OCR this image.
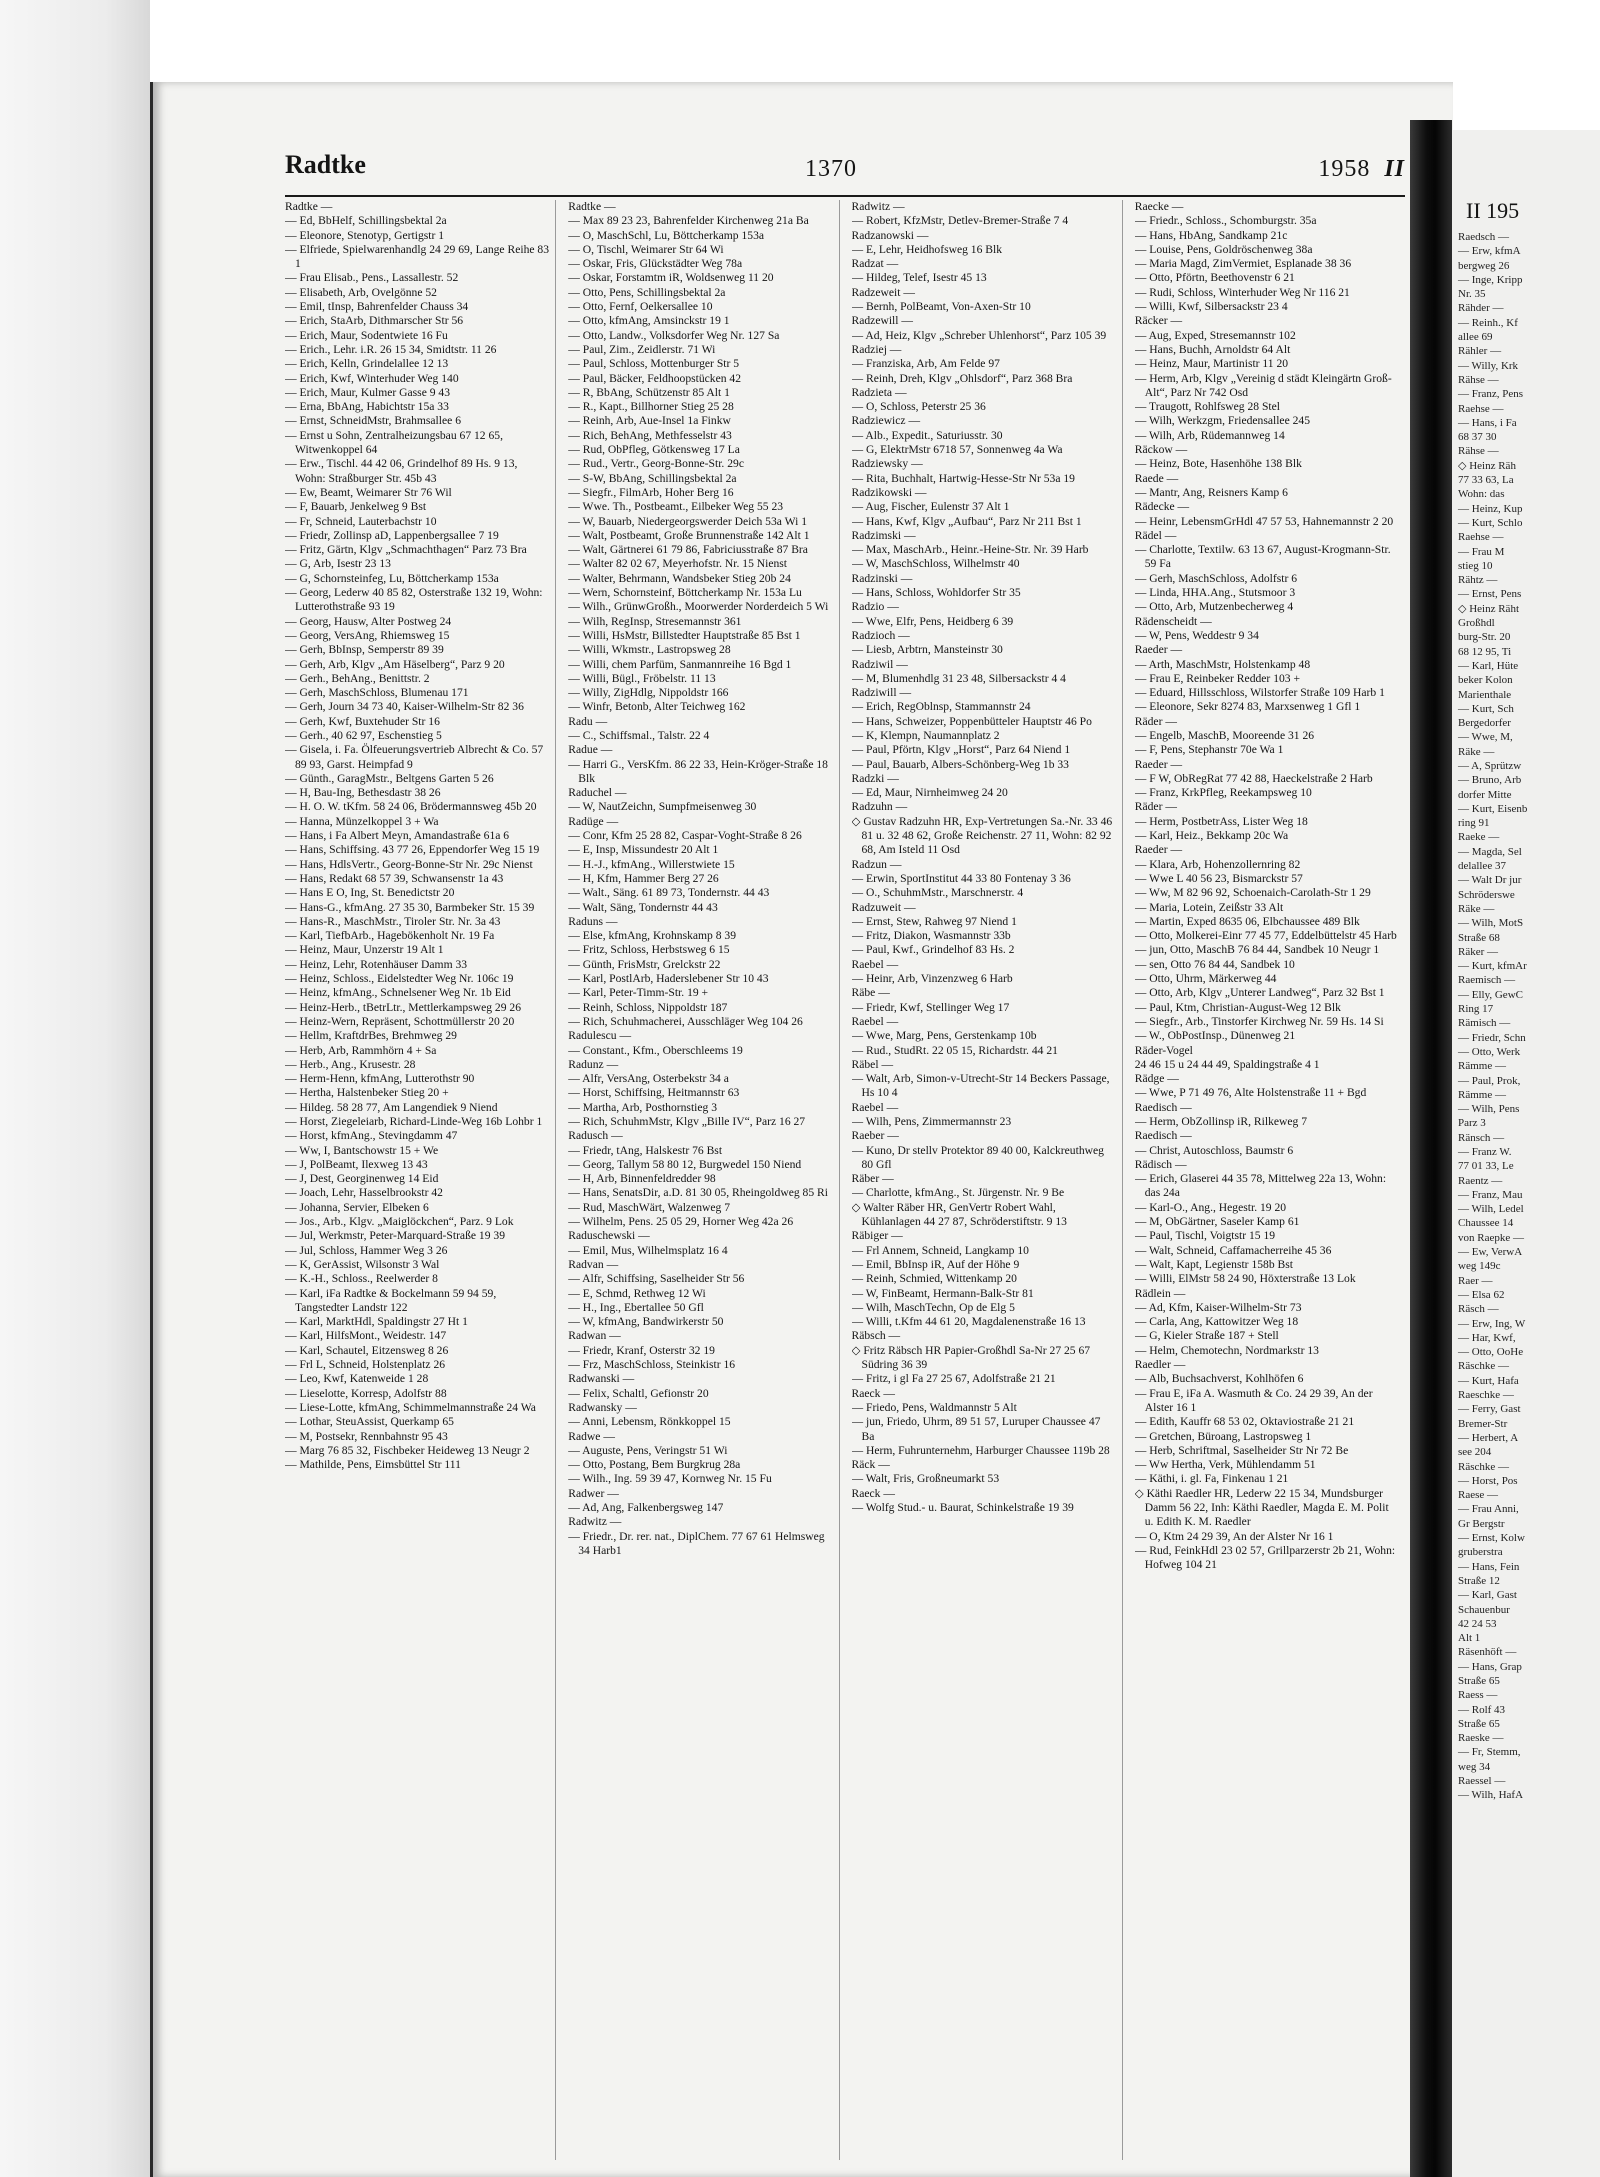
II 195
Raedsch —
— Erw, kfmA
bergweg 26
— Inge, Kripp
Nr. 35
Rähder —
— Reinh., Kf
allee 69
Rähler —
— Willy, Krk
Rähse —
— Franz, Pens
Raehse —
— Hans, i Fa
68 37 30
Rähse —
◇ Heinz Räh
77 33 63, La
Wohn: das
— Heinz, Kup
— Kurt, Schlo
Raehse —
— Frau M
stieg 10
Rähtz —
— Ernst, Pens
◇ Heinz Räht
Großhdl
burg-Str. 20
68 12 95, Ti
— Karl, Hüte
beker Kolon
Marienthale
— Kurt, Sch
Bergedorfer
— Wwe, M,
Räke —
— A, Sprützw
— Bruno, Arb
dorfer Mitte
— Kurt, Eisenb
ring 91
Raeke —
— Magda, Sel
delallee 37
— Walt Dr jur
Schröderswe
Räke —
— Wilh, MotS
Straße 68
Räker —
— Kurt, kfmAr
Raemisch —
— Elly, GewC
Ring 17
Rämisch —
— Friedr, Schn
— Otto, Werk
Rämme —
— Paul, Prok,
Rämme —
— Wilh, Pens
Parz 3
Ränsch —
— Franz W.
77 01 33, Le
Raentz —
— Franz, Mau
— Wilh, Ledel
Chaussee 14
von Raepke —
— Ew, VerwA
weg 149c
Raer —
— Elsa 62
Räsch —
— Erw, Ing, W
— Har, Kwf,
— Otto, OoHe
Räschke —
— Kurt, Hafa
Raeschke —
— Ferry, Gast
Bremer-Str
— Herbert, A
see 204
Räschke —
— Horst, Pos
Raese —
— Frau Anni,
Gr Bergstr
— Ernst, Kolw
gruberstra
— Hans, Fein
Straße 12
— Karl, Gast
Schauenbur
42 24 53
Alt 1
Räsenhöft —
— Hans, Grap
Straße 65
Raess —
— Rolf 43
Straße 65
Raeske —
— Fr, Stemm,
weg 34
Raessel —
— Wilh, HafA
Radtke	1370	1958 II
Radtke —
— Ed, BbHelf, Schillingsbektal 2a
— Eleonore, Stenotyp, Gertigstr 1
— Elfriede, Spielwarenhandlg 24 29 69, Lange Reihe 83 1
— Frau Elisab., Pens., Lassallestr. 52
— Elisabeth, Arb, Ovelgönne 52
— Emil, tInsp, Bahrenfelder Chauss 34
— Erich, StaArb, Dithmarscher Str 56
— Erich, Maur, Sodentwiete 16 Fu
— Erich., Lehr. i.R. 26 15 34, Smidtstr. 11 26
— Erich, Kelln, Grindelallee 12 13
— Erich, Kwf, Winterhuder Weg 140
— Erich, Maur, Kulmer Gasse 9 43
— Erna, BbAng, Habichtstr 15a 33
— Ernst, SchneidMstr, Brahmsallee 6
— Ernst u Sohn, Zentralheizungsbau 67 12 65, Witwenkoppel 64
— Erw., Tischl. 44 42 06, Grindelhof 89 Hs. 9 13, Wohn: Straßburger Str. 45b 43
— Ew, Beamt, Weimarer Str 76 Wil
— F, Bauarb, Jenkelweg 9 Bst
— Fr, Schneid, Lauterbachstr 10
— Friedr, Zollinsp aD, Lappenbergsallee 7 19
— Fritz, Gärtn, Klgv „Schmachthagen“ Parz 73 Bra
— G, Arb, Isestr 23 13
— G, Schornsteinfeg, Lu, Böttcherkamp 153a
— Georg, Lederw 40 85 82, Osterstraße 132 19, Wohn: Lutterothstraße 93 19
— Georg, Hausw, Alter Postweg 24
— Georg, VersAng, Rhiemsweg 15
— Gerh, BbInsp, Semperstr 89 39
— Gerh, Arb, Klgv „Am Häselberg“, Parz 9 20
— Gerh., BehAng., Benittstr. 2
— Gerh, MaschSchloss, Blumenau 171
— Gerh, Journ 34 73 40, Kaiser-Wilhelm-Str 82 36
— Gerh, Kwf, Buxtehuder Str 16
— Gerh., 40 62 97, Eschenstieg 5
— Gisela, i. Fa. Ölfeuerungsvertrieb Albrecht & Co. 57 89 93, Garst. Heimpfad 9
— Günth., GaragMstr., Beltgens Garten 5 26
— H, Bau-Ing, Bethesdastr 38 26
— H. O. W. tKfm. 58 24 06, Brödermannsweg 45b 20
— Hanna, Münzelkoppel 3 + Wa
— Hans, i Fa Albert Meyn, Amandastraße 61a 6
— Hans, Schiffsing. 43 77 26, Eppendorfer Weg 15 19
— Hans, HdlsVertr., Georg-Bonne-Str Nr. 29c Nienst
— Hans, Redakt 68 57 39, Schwansenstr 1a 43
— Hans E O, Ing, St. Benedictstr 20
— Hans-G., kfmAng. 27 35 30, Barmbeker Str. 15 39
— Hans-R., MaschMstr., Tiroler Str. Nr. 3a 43
— Karl, TiefbArb., Hagebökenholt Nr. 19 Fa
— Heinz, Maur, Unzerstr 19 Alt 1
— Heinz, Lehr, Rotenhäuser Damm 33
— Heinz, Schloss., Eidelstedter Weg Nr. 106c 19
— Heinz, kfmAng., Schnelsener Weg Nr. 1b Eid
— Heinz-Herb., tBetrLtr., Mettlerkampsweg 29 26
— Heinz-Wern, Repräsent, Schottmüllerstr 20 20
— Hellm, KraftdrBes, Brehmweg 29
— Herb, Arb, Rammhörn 4 + Sa
— Herb., Ang., Krusestr. 28
— Herm-Henn, kfmAng, Lutterothstr 90
— Hertha, Halstenbeker Stieg 20 +
— Hildeg. 58 28 77, Am Langendiek 9 Niend
— Horst, Ziegeleiarb, Richard-Linde-Weg 16b Lohbr 1
— Horst, kfmAng., Stevingdamm 47
— Ww, I, Bantschowstr 15 + We
— J, PolBeamt, Ilexweg 13 43
— J, Dest, Georginenweg 14 Eid
— Joach, Lehr, Hasselbrookstr 42
— Johanna, Servier, Elbeken 6
— Jos., Arb., Klgv. „Maiglöckchen“, Parz. 9 Lok
— Jul, Werkmstr, Peter-Marquard-Straße 19 39
— Jul, Schloss, Hammer Weg 3 26
— K, GerAssist, Wilsonstr 3 Wal
— K.-H., Schloss., Reelwerder 8
— Karl, iFa Radtke & Bockelmann 59 94 59, Tangstedter Landstr 122
— Karl, MarktHdl, Spaldingstr 27 Ht 1
— Karl, HilfsMont., Weidestr. 147
— Karl, Schautel, Eitzensweg 8 26
— Frl L, Schneid, Holstenplatz 26
— Leo, Kwf, Katenweide 1 28
— Lieselotte, Korresp, Adolfstr 88
— Liese-Lotte, kfmAng, Schimmelmannstraße 24 Wa
— Lothar, SteuAssist, Querkamp 65
— M, Postsekr, Rennbahnstr 95 43
— Marg 76 85 32, Fischbeker Heideweg 13 Neugr 2
— Mathilde, Pens, Eimsbüttel Str 111
Radtke —
— Max 89 23 23, Bahrenfelder Kirchenweg 21a Ba
— O, MaschSchl, Lu, Böttcherkamp 153a
— O, Tischl, Weimarer Str 64 Wi
— Oskar, Fris, Glückstädter Weg 78a
— Oskar, Forstamtm iR, Woldsenweg 11 20
— Otto, Pens, Schillingsbektal 2a
— Otto, Fernf, Oelkersallee 10
— Otto, kfmAng, Amsinckstr 19 1
— Otto, Landw., Volksdorfer Weg Nr. 127 Sa
— Paul, Zim., Zeidlerstr. 71 Wi
— Paul, Schloss, Mottenburger Str 5
— Paul, Bäcker, Feldhoopstücken 42
— R, BbAng, Schützenstr 85 Alt 1
— R., Kapt., Billhorner Stieg 25 28
— Reinh, Arb, Aue-Insel 1a Finkw
— Rich, BehAng, Methfesselstr 43
— Rud, ObPfleg, Götkensweg 17 La
— Rud., Vertr., Georg-Bonne-Str. 29c
— S-W, BbAng, Schillingsbektal 2a
— Siegfr., FilmArb, Hoher Berg 16
— Wwe. Th., Postbeamt., Eilbeker Weg 55 23
— W, Bauarb, Niedergeorgswerder Deich 53a Wi 1
— Walt, Postbeamt, Große Brunnenstraße 142 Alt 1
— Walt, Gärtnerei 61 79 86, Fabriciusstraße 87 Bra
— Walter 82 02 67, Meyerhofstr. Nr. 15 Nienst
— Walter, Behrmann, Wandsbeker Stieg 20b 24
— Wern, Schornsteinf, Böttcherkamp Nr. 153a Lu
— Wilh., GrünwGroßh., Moorwerder Norderdeich 5 Wi
— Wilh, RegInsp, Stresemannstr 361
— Willi, HsMstr, Billstedter Hauptstraße 85 Bst 1
— Willi, Wkmstr., Lastropsweg 28
— Willi, chem Parfüm, Sanmannreihe 16 Bgd 1
— Willi, Bügl., Fröbelstr. 11 13
— Willy, ZigHdlg, Nippoldstr 166
— Winfr, Betonb, Alter Teichweg 162
Radu —
— C., Schiffsmal., Talstr. 22 4
Radue —
— Harri G., VersKfm. 86 22 33, Hein-Kröger-Straße 18 Blk
Raduchel —
— W, NautZeichn, Sumpfmeisenweg 30
Radüge —
— Conr, Kfm 25 28 82, Caspar-Voght-Straße 8 26
— E, Insp, Missundestr 20 Alt 1
— H.-J., kfmAng., Willerstwiete 15
— H, Kfm, Hammer Berg 27 26
— Walt., Säng. 61 89 73, Tondernstr. 44 43
— Walt, Säng, Tondernstr 44 43
Raduns —
— Else, kfmAng, Krohnskamp 8 39
— Fritz, Schloss, Herbstsweg 6 15
— Günth, FrisMstr, Grelckstr 22
— Karl, PostlArb, Haderslebener Str 10 43
— Karl, Peter-Timm-Str. 19 +
— Reinh, Schloss, Nippoldstr 187
— Rich, Schuhmacherei, Ausschläger Weg 104 26
Radulescu —
— Constant., Kfm., Oberschleems 19
Radunz —
— Alfr, VersAng, Osterbekstr 34 a
— Horst, Schiffsing, Heitmannstr 63
— Martha, Arb, Posthornstieg 3
— Rich, SchuhmMstr, Klgv „Bille IV“, Parz 16 27
Radusch —
— Friedr, tAng, Halskestr 76 Bst
— Georg, Tallym 58 80 12, Burgwedel 150 Niend
— H, Arb, Binnenfeldredder 98
— Hans, SenatsDir, a.D. 81 30 05, Rheingoldweg 85 Ri
— Rud, MaschWärt, Walzenweg 7
— Wilhelm, Pens. 25 05 29, Horner Weg 42a 26
Raduschewski —
— Emil, Mus, Wilhelmsplatz 16 4
Radvan —
— Alfr, Schiffsing, Saselheider Str 56
— E, Schmd, Rethweg 12 Wi
— H., Ing., Ebertallee 50 Gfl
— W, kfmAng, Bandwirkerstr 50
Radwan —
— Friedr, Kranf, Osterstr 32 19
— Frz, MaschSchloss, Steinkistr 16
Radwanski —
— Felix, Schaltl, Gefionstr 20
Radwansky —
— Anni, Lebensm, Rönkkoppel 15
Radwe —
— Auguste, Pens, Veringstr 51 Wi
— Otto, Postang, Bem Burgkrug 28a
— Wilh., Ing. 59 39 47, Kornweg Nr. 15 Fu
Radwer —
— Ad, Ang, Falkenbergsweg 147
Radwitz —
— Friedr., Dr. rer. nat., DiplChem. 77 67 61 Helmsweg 34 Harb1
Radwitz —
— Robert, KfzMstr, Detlev-Bremer-Straße 7 4
Radzanowski —
— E, Lehr, Heidhofsweg 16 Blk
Radzat —
— Hildeg, Telef, Isestr 45 13
Radzeweit —
— Bernh, PolBeamt, Von-Axen-Str 10
Radzewill —
— Ad, Heiz, Klgv „Schreber Uhlenhorst“, Parz 105 39
Radziej —
— Franziska, Arb, Am Felde 97
— Reinh, Dreh, Klgv „Ohlsdorf“, Parz 368 Bra
Radzieta —
— O, Schloss, Peterstr 25 36
Radziewicz —
— Alb., Expedit., Saturiusstr. 30
— G, ElektrMstr 6718 57, Sonnenweg 4a Wa
Radziewsky —
— Rita, Buchhalt, Hartwig-Hesse-Str Nr 53a 19
Radzikowski —
— Aug, Fischer, Eulenstr 37 Alt 1
— Hans, Kwf, Klgv „Aufbau“, Parz Nr 211 Bst 1
Radzimski —
— Max, MaschArb., Heinr.-Heine-Str. Nr. 39 Harb
— W, MaschSchloss, Wilhelmstr 40
Radzinski —
— Hans, Schloss, Wohldorfer Str 35
Radzio —
— Wwe, Elfr, Pens, Heidberg 6 39
Radzioch —
— Liesb, Arbtrn, Mansteinstr 30
Radziwil —
— M, Blumenhdlg 31 23 48, Silbersackstr 4 4
Radziwill —
— Erich, RegOblnsp, Stammannstr 24
— Hans, Schweizer, Poppenbütteler Hauptstr 46 Po
— K, Klempn, Naumannplatz 2
— Paul, Pförtn, Klgv „Horst“, Parz 64 Niend 1
— Paul, Bauarb, Albers-Schönberg-Weg 1b 33
Radzki —
— Ed, Maur, Nirnheimweg 24 20
Radzuhn —
◇ Gustav Radzuhn HR, Exp-Vertretungen Sa.-Nr. 33 46 81 u. 32 48 62, Große Reichenstr. 27 11, Wohn: 82 92 68, Am Isteld 11 Osd
Radzun —
— Erwin, SportInstitut 44 33 80 Fontenay 3 36
— O., SchuhmMstr., Marschnerstr. 4
Radzuweit —
— Ernst, Stew, Rahweg 97 Niend 1
— Fritz, Diakon, Wasmannstr 33b
— Paul, Kwf., Grindelhof 83 Hs. 2
Raebel —
— Heinr, Arb, Vinzenzweg 6 Harb
Räbe —
— Friedr, Kwf, Stellinger Weg 17
Raebel —
— Wwe, Marg, Pens, Gerstenkamp 10b
— Rud., StudRt. 22 05 15, Richardstr. 44 21
Räbel —
— Walt, Arb, Simon-v-Utrecht-Str 14 Beckers Passage, Hs 10 4
Raebel —
— Wilh, Pens, Zimmermannstr 23
Raeber —
— Kuno, Dr stellv Protektor 89 40 00, Kalckreuthweg 80 Gfl
Räber —
— Charlotte, kfmAng., St. Jürgenstr. Nr. 9 Be
◇ Walter Räber HR, GenVertr Robert Wahl, Kühlanlagen 44 27 87, Schröderstiftstr. 9 13
Räbiger —
— Frl Annem, Schneid, Langkamp 10
— Emil, BbInsp iR, Auf der Höhe 9
— Reinh, Schmied, Wittenkamp 20
— W, FinBeamt, Hermann-Balk-Str 81
— Wilh, MaschTechn, Op de Elg 5
— Willi, t.Kfm 44 61 20, Magdalenenstraße 16 13
Räbsch —
◇ Fritz Räbsch HR Papier-Großhdl Sa-Nr 27 25 67 Südring 36 39
— Fritz, i gl Fa 27 25 67, Adolfstraße 21 21
Raeck —
— Friedo, Pens, Waldmannstr 5 Alt
— jun, Friedo, Uhrm, 89 51 57, Luruper Chaussee 47 Ba
— Herm, Fuhrunternehm, Harburger Chaussee 119b 28
Räck —
— Walt, Fris, Großneumarkt 53
Raeck —
— Wolfg Stud.- u. Baurat, Schinkelstraße 19 39
Raecke —
— Friedr., Schloss., Schomburgstr. 35a
— Hans, HbAng, Sandkamp 21c
— Louise, Pens, Goldröschenweg 38a
— Maria Magd, ZimVermiet, Esplanade 38 36
— Otto, Pförtn, Beethovenstr 6 21
— Rudi, Schloss, Winterhuder Weg Nr 116 21
— Willi, Kwf, Silbersackstr 23 4
Räcker —
— Aug, Exped, Stresemannstr 102
— Hans, Buchh, Arnoldstr 64 Alt
— Heinz, Maur, Martinistr 11 20
— Herm, Arb, Klgv „Vereinig d städt Kleingärtn Groß-Alt“, Parz Nr 742 Osd
— Traugott, Rohlfsweg 28 Stel
— Wilh, Werkzgm, Friedensallee 245
— Wilh, Arb, Rüdemannweg 14
Räckow —
— Heinz, Bote, Hasenhöhe 138 Blk
Raede —
— Mantr, Ang, Reisners Kamp 6
Rädecke —
— Heinr, LebensmGrHdl 47 57 53, Hahnemannstr 2 20
Rädel —
— Charlotte, Textilw. 63 13 67, August-Krogmann-Str. 59 Fa
— Gerh, MaschSchloss, Adolfstr 6
— Linda, HHA.Ang., Stutsmoor 3
— Otto, Arb, Mutzenbecherweg 4
Rädenscheidt —
— W, Pens, Weddestr 9 34
Raeder —
— Arth, MaschMstr, Holstenkamp 48
— Frau E, Reinbeker Redder 103 +
— Eduard, Hillsschloss, Wilstorfer Straße 109 Harb 1
— Eleonore, Sekr 8274 83, Marxsenweg 1 Gfl 1
Räder —
— Engelb, MaschB, Mooreende 31 26
— F, Pens, Stephanstr 70e Wa 1
Raeder —
— F W, ObRegRat 77 42 88, Haeckelstraße 2 Harb
— Franz, KrkPfleg, Reekampsweg 10
Räder —
— Herm, PostbetrAss, Lister Weg 18
— Karl, Heiz., Bekkamp 20c Wa
Raeder —
— Klara, Arb, Hohenzollernring 82
— Wwe L 40 56 23, Bismarckstr 57
— Ww, M 82 96 92, Schoenaich-Carolath-Str 1 29
— Maria, Lotein, Zeißstr 33 Alt
— Martin, Exped 8635 06, Elbchaussee 489 Blk
— Otto, Molkerei-Einr 77 45 77, Eddelbüttelstr 45 Harb
— jun, Otto, MaschB 76 84 44, Sandbek 10 Neugr 1
— sen, Otto 76 84 44, Sandbek 10
— Otto, Uhrm, Märkerweg 44
— Otto, Arb, Klgv „Unterer Landweg“, Parz 32 Bst 1
— Paul, Ktm, Christian-August-Weg 12 Blk
— Siegfr., Arb., Tinstorfer Kirchweg Nr. 59 Hs. 14 Si
— W., ObPostInsp., Dünenweg 21
Räder-Vogel
24 46 15 u 24 44 49, Spaldingstraße 4 1
Rädge —
— Wwe, P 71 49 76, Alte Holstenstraße 11 + Bgd
Raedisch —
— Herm, ObZollinsp iR, Rilkeweg 7
Raedisch —
— Christ, Autoschloss, Baumstr 6
Rädisch —
— Erich, Glaserei 44 35 78, Mittelweg 22a 13, Wohn: das 24a
— Karl-O., Ang., Hegestr. 19 20
— M, ObGärtner, Saseler Kamp 61
— Paul, Tischl, Voigtstr 15 19
— Walt, Schneid, Caffamacherreihe 45 36
— Walt, Kapt, Legienstr 158b Bst
— Willi, ElMstr 58 24 90, Höxterstraße 13 Lok
Rädlein —
— Ad, Kfm, Kaiser-Wilhelm-Str 73
— Carla, Ang, Kattowitzer Weg 18
— G, Kieler Straße 187 + Stell
— Helm, Chemotechn, Nordmarkstr 13
Raedler —
— Alb, Buchsachverst, Kohlhöfen 6
— Frau E, iFa A. Wasmuth & Co. 24 29 39, An der Alster 16 1
— Edith, Kauffr 68 53 02, Oktaviostraße 21 21
— Gretchen, Büroang, Lastropsweg 1
— Herb, Schriftmal, Saselheider Str Nr 72 Be
— Ww Hertha, Verk, Mühlendamm 51
— Käthi, i. gl. Fa, Finkenau 1 21
◇ Käthi Raedler HR, Lederw 22 15 34, Mundsburger Damm 56 22, Inh: Käthi Raedler, Magda E. M. Polit u. Edith K. M. Raedler
— O, Ktm 24 29 39, An der Alster Nr 16 1
— Rud, FeinkHdl 23 02 57, Grillparzerstr 2b 21, Wohn: Hofweg 104 21
